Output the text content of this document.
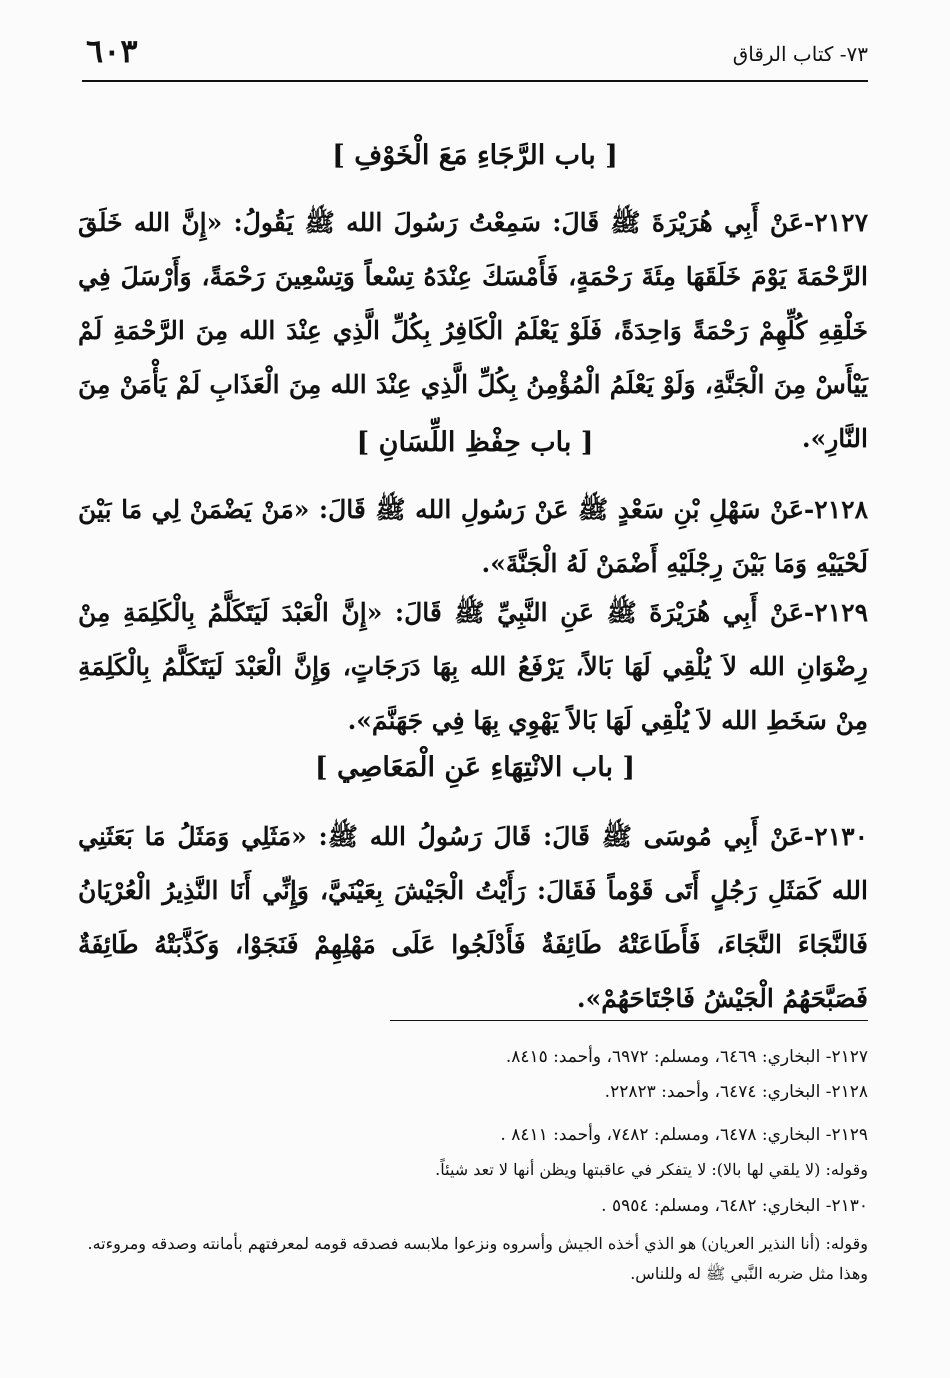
٧٣- كتاب الرقاق
٦٠٣
[ باب الرَّجَاءِ مَعَ الْخَوْفِ ]
٢١٢٧-عَنْ أَبِي هُرَيْرَةَ ﷺ قَالَ: سَمِعْتُ رَسُولَ الله ﷺ يَقُولُ: «إِنَّ الله خَلَقَ الرَّحْمَةَ يَوْمَ خَلَقَهَا مِئَةَ رَحْمَةٍ، فَأَمْسَكَ عِنْدَهُ تِسْعاً وَتِسْعِينَ رَحْمَةً، وَأَرْسَلَ فِي خَلْقِهِ كُلِّهِمْ رَحْمَةً وَاحِدَةً، فَلَوْ يَعْلَمُ الْكَافِرُ بِكُلِّ الَّذِي عِنْدَ الله مِنَ الرَّحْمَةِ لَمْ يَيْأَسْ مِنَ الْجَنَّةِ، وَلَوْ يَعْلَمُ الْمُؤْمِنُ بِكُلِّ الَّذِي عِنْدَ الله مِنَ الْعَذَابِ لَمْ يَأْمَنْ مِنَ النَّارِ».
[ باب حِفْظِ اللِّسَانِ ]
٢١٢٨-عَنْ سَهْلِ بْنِ سَعْدٍ ﷺ عَنْ رَسُولِ الله ﷺ قَالَ: «مَنْ يَضْمَنْ لِي مَا بَيْنَ لَحْيَيْهِ وَمَا بَيْنَ رِجْلَيْهِ أَضْمَنْ لَهُ الْجَنَّةَ».
٢١٢٩-عَنْ أَبِي هُرَيْرَةَ ﷺ عَنِ النَّبِيِّ ﷺ قَالَ: «إِنَّ الْعَبْدَ لَيَتَكَلَّمُ بِالْكَلِمَةِ مِنْ رِضْوَانِ الله لاَ يُلْقِي لَهَا بَالاً، يَرْفَعُ الله بِهَا دَرَجَاتٍ، وَإِنَّ الْعَبْدَ لَيَتَكَلَّمُ بِالْكَلِمَةِ مِنْ سَخَطِ الله لاَ يُلْقِي لَهَا بَالاً يَهْوِي بِهَا فِي جَهَنَّمَ».
[ باب الانْتِهَاءِ عَنِ الْمَعَاصِي ]
٢١٣٠-عَنْ أَبِي مُوسَى ﷺ قَالَ: قَالَ رَسُولُ الله ﷺ: «مَثَلِي وَمَثَلُ مَا بَعَثَنِي الله كَمَثَلِ رَجُلٍ أَتَى قَوْماً فَقَالَ: رَأَيْتُ الْجَيْشَ بِعَيْنَيَّ، وَإِنِّي أَنَا النَّذِيرُ الْعُرْيَانُ فَالنَّجَاءَ النَّجَاءَ، فَأَطَاعَتْهُ طَائِفَةٌ فَأَدْلَجُوا عَلَى مَهْلِهِمْ فَنَجَوْا، وَكَذَّبَتْهُ طَائِفَةٌ فَصَبَّحَهُمُ الْجَيْشُ فَاجْتَاحَهُمْ».
٢١٢٧- البخاري: ٦٤٦٩، ومسلم: ٦٩٧٢، وأحمد: ٨٤١٥.
٢١٢٨- البخاري: ٦٤٧٤، وأحمد: ٢٢٨٢٣.
٢١٢٩- البخاري: ٦٤٧٨، ومسلم: ٧٤٨٢، وأحمد: ٨٤١١ .
وقوله: (لا يلقي لها بالا): لا يتفكر في عاقبتها ويظن أنها لا تعد شيئاً.
٢١٣٠- البخاري: ٦٤٨٢، ومسلم: ٥٩٥٤ .
وقوله: (أنا النذير العريان) هو الذي أخذه الجيش وأسروه ونزعوا ملابسه فصدقه قومه لمعرفتهم بأمانته وصدقه ومروءته. وهذا مثل ضربه النَّبي ﷺ له وللناس.
